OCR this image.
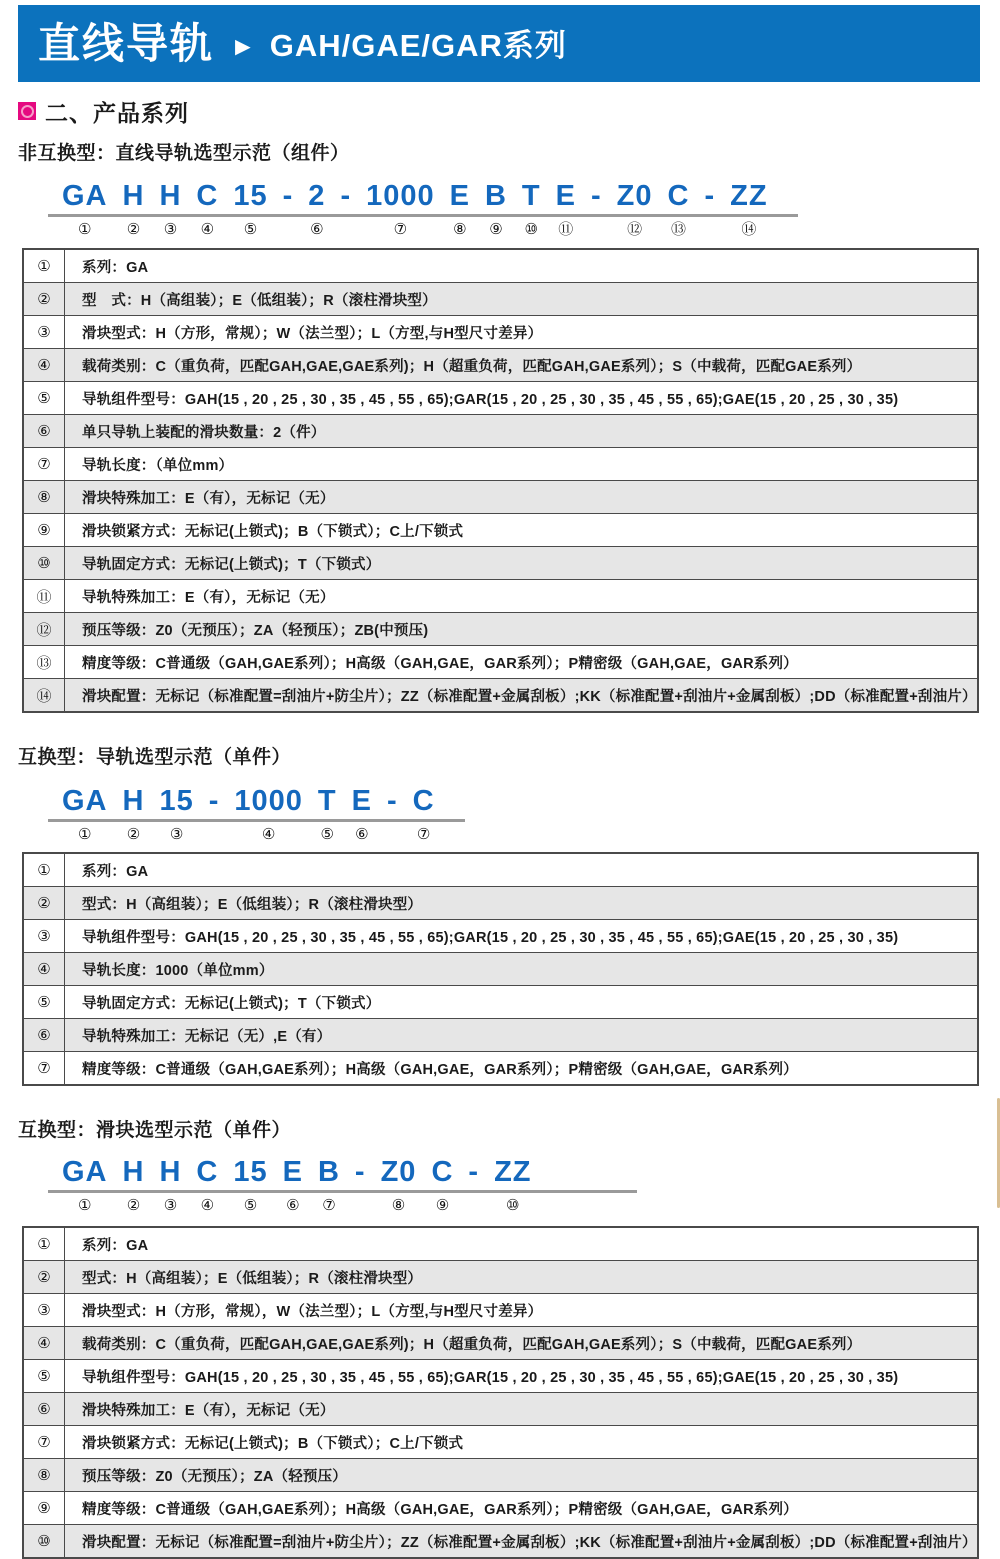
直线导轨 ► GAH/GAE/GAR系列
二、产品系列
非互换型：直线导轨选型示范（组件）
GA
①
H
②
H
③
C
④
15
⑤
- 2
⑥
- 1000
⑦
E
⑧
B
⑨
T
⑩
E
⑪
- Z0
⑫
C
⑬
- ZZ
⑭
①	系列：GA
②	型　式：H（高组装）；E（低组装）；R（滚柱滑块型）
③	滑块型式：H（方形，常规）；W（法兰型）；L（方型,与H型尺寸差异）
④	载荷类别：C（重负荷，匹配GAH,GAE,GAE系列)；H（超重负荷，匹配GAH,GAE系列）；S（中载荷，匹配GAE系列）
⑤	导轨组件型号：GAH(15 , 20 , 25 , 30 , 35 , 45 , 55 , 65);GAR(15 , 20 , 25 , 30 , 35 , 45 , 55 , 65);GAE(15 , 20 , 25 , 30 , 35)
⑥	单只导轨上装配的滑块数量：2（件）
⑦	导轨长度：（单位mm）
⑧	滑块特殊加工：E（有），无标记（无）
⑨	滑块锁紧方式：无标记(上锁式)；B（下锁式）；C上/下锁式
⑩	导轨固定方式：无标记(上锁式)；T（下锁式）
⑪	导轨特殊加工：E（有），无标记（无）
⑫	预压等级：Z0（无预压）；ZA（轻预压）；ZB(中预压)
⑬	精度等级：C普通级（GAH,GAE系列）；H高级（GAH,GAE，GAR系列）；P精密级（GAH,GAE，GAR系列）
⑭	滑块配置：无标记（标准配置=刮油片+防尘片）；ZZ（标准配置+金属刮板）;KK（标准配置+刮油片+金属刮板）;DD（标准配置+刮油片）
互换型：导轨选型示范（单件）
GA
①
H
②
15
③
- 1000
④
T
⑤
E
⑥
- C
⑦
①	系列：GA
②	型式：H（高组装）；E（低组装）；R（滚柱滑块型）
③	导轨组件型号：GAH(15 , 20 , 25 , 30 , 35 , 45 , 55 , 65);GAR(15 , 20 , 25 , 30 , 35 , 45 , 55 , 65);GAE(15 , 20 , 25 , 30 , 35)
④	导轨长度：1000（单位mm）
⑤	导轨固定方式：无标记(上锁式)；T（下锁式）
⑥	导轨特殊加工：无标记（无）,E（有）
⑦	精度等级：C普通级（GAH,GAE系列）；H高级（GAH,GAE，GAR系列）；P精密级（GAH,GAE，GAR系列）
互换型：滑块选型示范（单件）
GA
①
H
②
H
③
C
④
15
⑤
E
⑥
B
⑦
- Z0
⑧
C
⑨
- ZZ
⑩
①	系列：GA
②	型式：H（高组装）；E（低组装）；R（滚柱滑块型）
③	滑块型式：H（方形，常规），W（法兰型）；L（方型,与H型尺寸差异）
④	载荷类别：C（重负荷，匹配GAH,GAE,GAE系列)；H（超重负荷，匹配GAH,GAE系列）；S（中载荷，匹配GAE系列）
⑤	导轨组件型号：GAH(15 , 20 , 25 , 30 , 35 , 45 , 55 , 65);GAR(15 , 20 , 25 , 30 , 35 , 45 , 55 , 65);GAE(15 , 20 , 25 , 30 , 35)
⑥	滑块特殊加工：E（有），无标记（无）
⑦	滑块锁紧方式：无标记(上锁式)；B（下锁式）；C上/下锁式
⑧	预压等级：Z0（无预压）；ZA（轻预压）
⑨	精度等级：C普通级（GAH,GAE系列）；H高级（GAH,GAE，GAR系列）；P精密级（GAH,GAE，GAR系列）
⑩	滑块配置：无标记（标准配置=刮油片+防尘片）；ZZ（标准配置+金属刮板）;KK（标准配置+刮油片+金属刮板）;DD（标准配置+刮油片）
